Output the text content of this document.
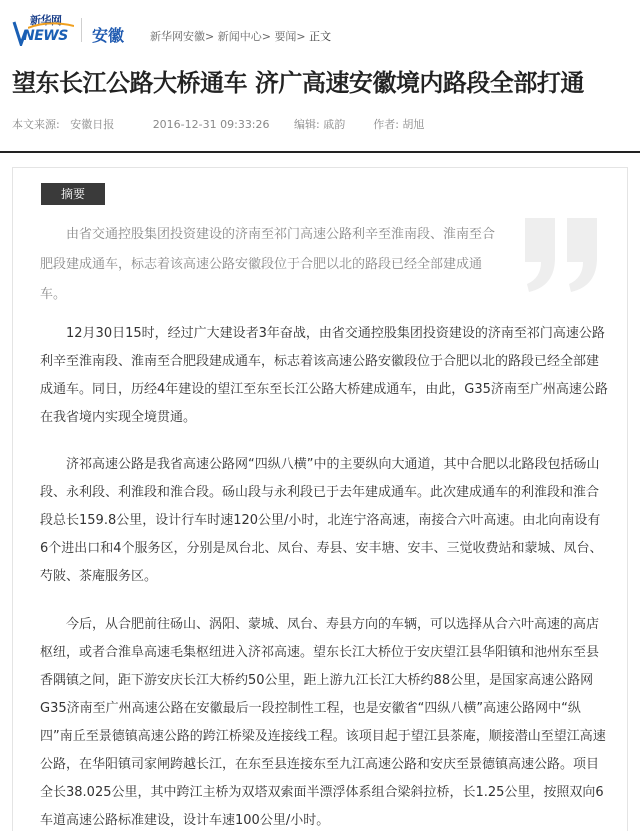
新华网
NEWS 安徽 新华网安徽> 新闻中心> 要闻> 正文
望东长江公路大桥通车 济广高速安徽境内路段全部打通
本文来源: 安徽日报	2016-12-31 09:33:26 编辑: 戚韵	作者: 胡旭
摘要

由省交通控股集团投资建设的济南至祁门高速公路利辛至淮南段、淮南至合肥段建成通车，标志着该高速公路安徽段位于合肥以北的路段已经全部建成通车。

12月30日15时，经过广大建设者3年奋战，由省交通控股集团投资建设的济南至祁门高速公路利辛至淮南段、淮南至合肥段建成通车，标志着该高速公路安徽段位于合肥以北的路段已经全部建成通车。同日，历经4年建设的望江至东至长江公路大桥建成通车，由此，G35济南至广州高速公路在我省境内实现全境贯通。

济祁高速公路是我省高速公路网“四纵八横”中的主要纵向大通道，其中合肥以北路段包括砀山段、永利段、利淮段和淮合段。砀山段与永利段已于去年建成通车。此次建成通车的利淮段和淮合段总长159.8公里，设计行车时速120公里/小时，北连宁洛高速，南接合六叶高速。由北向南设有6个进出口和4个服务区，分别是凤台北、凤台、寿县、安丰塘、安丰、三觉收费站和蒙城、凤台、芍陂、茶庵服务区。

今后，从合肥前往砀山、涡阳、蒙城、凤台、寿县方向的车辆，可以选择从合六叶高速的高店枢纽，或者合淮阜高速毛集枢纽进入济祁高速。望东长江大桥位于安庆望江县华阳镇和池州东至县香隅镇之间，距下游安庆长江大桥约50公里，距上游九江长江大桥约88公里，是国家高速公路网G35济南至广州高速公路在安徽最后一段控制性工程，也是安徽省“四纵八横”高速公路网中“纵四”南丘至景德镇高速公路的跨江桥梁及连接线工程。该项目起于望江县茶庵，顺接潜山至望江高速公路，在华阳镇司家闸跨越长江，在东至县连接东至九江高速公路和安庆至景德镇高速公路。项目全长38.025公里，其中跨江主桥为双塔双索面半漂浮体系组合梁斜拉桥，长1.25公里，按照双向6车道高速公路标准建设，设计车速100公里/小时。
